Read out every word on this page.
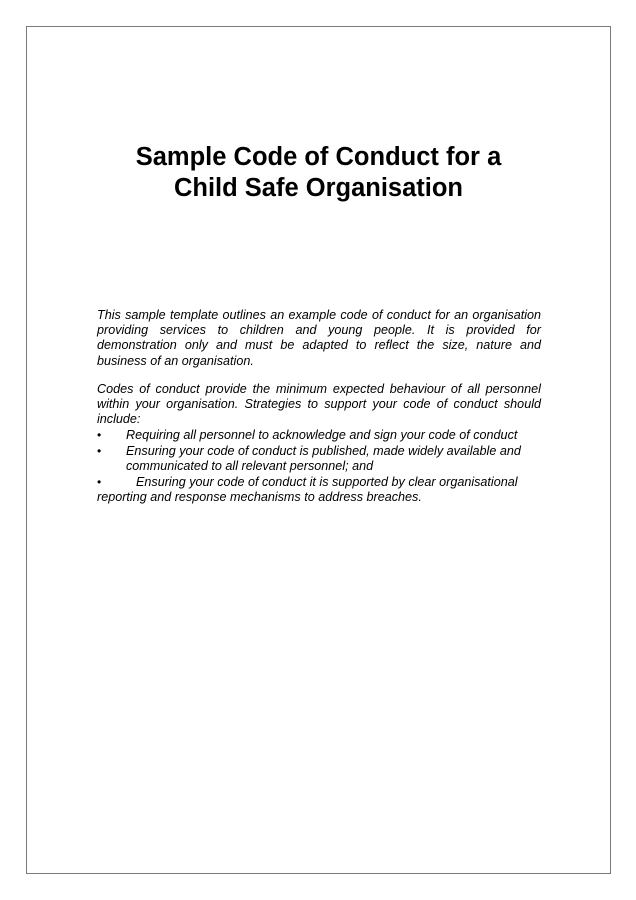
Sample Code of Conduct for a
Child Safe Organisation

This sample template outlines an example code of conduct for an organisation providing services to children and young people. It is provided for demonstration only and must be adapted to reflect the size, nature and business of an organisation.

Codes of conduct provide the minimum expected behaviour of all personnel within your organisation. Strategies to support your code of conduct should include:

•	Requiring all personnel to acknowledge and sign your code of conduct
•	Ensuring your code of conduct is published, made widely available and communicated to all relevant personnel; and
•	Ensuring your code of conduct it is supported by clear organisational reporting and response mechanisms to address breaches.
